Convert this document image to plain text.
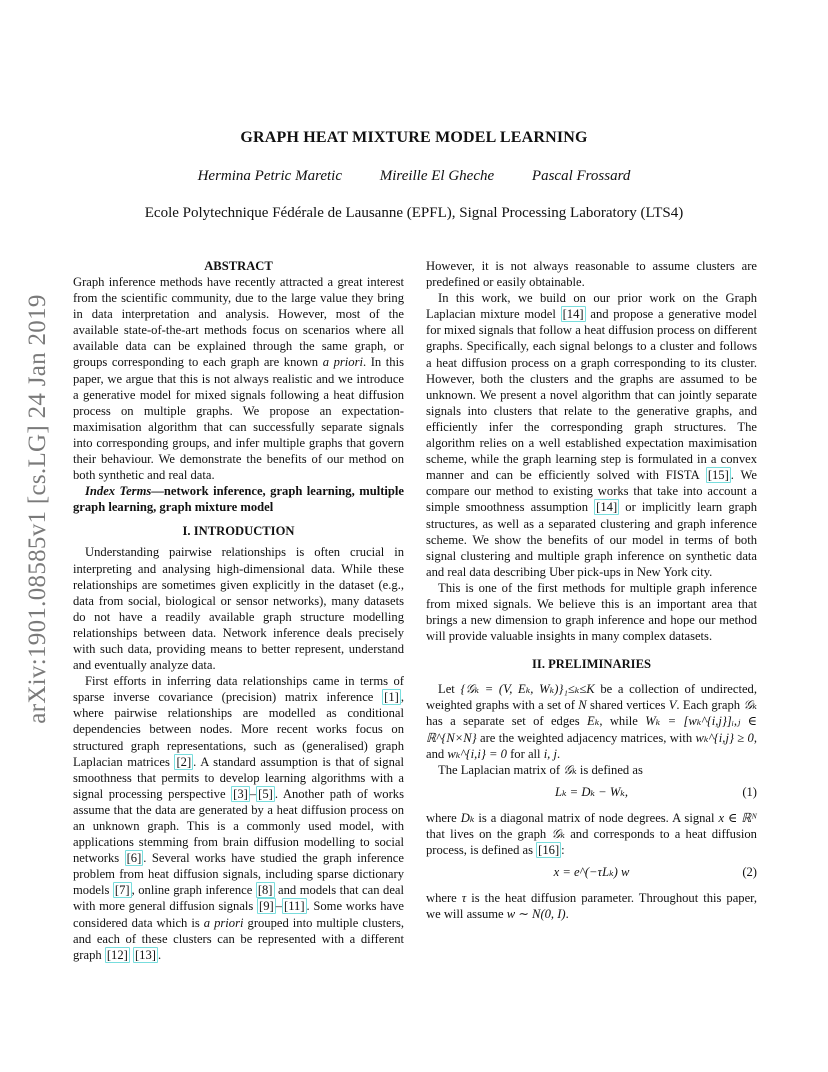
GRAPH HEAT MIXTURE MODEL LEARNING
Hermina Petric Maretic	Mireille El Gheche	Pascal Frossard
Ecole Polytechnique Fédérale de Lausanne (EPFL), Signal Processing Laboratory (LTS4)
arXiv:1901.08585v1 [cs.LG] 24 Jan 2019
ABSTRACT

Graph inference methods have recently attracted a great interest from the scientific community, due to the large value they bring in data interpretation and analysis. However, most of the available state-of-the-art methods focus on scenarios where all available data can be explained through the same graph, or groups corresponding to each graph are known a priori. In this paper, we argue that this is not always realistic and we introduce a generative model for mixed signals following a heat diffusion process on multiple graphs. We propose an expectation-maximisation algorithm that can successfully separate signals into corresponding groups, and infer multiple graphs that govern their behaviour. We demonstrate the benefits of our method on both synthetic and real data.

Index Terms—network inference, graph learning, multiple graph learning, graph mixture model

I. INTRODUCTION

Understanding pairwise relationships is often crucial in interpreting and analysing high-dimensional data. While these relationships are sometimes given explicitly in the dataset (e.g., data from social, biological or sensor networks), many datasets do not have a readily available graph structure modelling relationships between data. Network inference deals precisely with such data, providing means to better represent, understand and eventually analyze data.

First efforts in inferring data relationships came in terms of sparse inverse covariance (precision) matrix inference [1] , where pairwise relationships are modelled as conditional dependencies between nodes. More recent works focus on structured graph representations, such as (generalised) graph Laplacian matrices [2] . A standard assumption is that of signal smoothness that permits to develop learning algorithms with a signal processing perspective [3] – [5] . Another path of works assume that the data are generated by a heat diffusion process on an unknown graph. This is a commonly used model, with applications stemming from brain diffusion modelling to social networks [6] . Several works have studied the graph inference problem from heat diffusion signals, including sparse dictionary models [7] , online graph inference [8] and models that can deal with more general diffusion signals [9] – [11] . Some works have considered data which is a priori grouped into multiple clusters, and each of these clusters can be represented with a different graph [12] [13] .

However, it is not always reasonable to assume clusters are predefined or easily obtainable.

In this work, we build on our prior work on the Graph Laplacian mixture model [14] and propose a generative model for mixed signals that follow a heat diffusion process on different graphs. Specifically, each signal belongs to a cluster and follows a heat diffusion process on a graph corresponding to its cluster. However, both the clusters and the graphs are assumed to be unknown. We present a novel algorithm that can jointly separate signals into clusters that relate to the generative graphs, and efficiently infer the corresponding graph structures. The algorithm relies on a well established expectation maximisation scheme, while the graph learning step is formulated in a convex manner and can be efficiently solved with FISTA [15] . We compare our method to existing works that take into account a simple smoothness assumption [14] or implicitly learn graph structures, as well as a separated clustering and graph inference scheme. We show the benefits of our model in terms of both signal clustering and multiple graph inference on synthetic data and real data describing Uber pick-ups in New York city.

This is one of the first methods for multiple graph inference from mixed signals. We believe this is an important area that brings a new dimension to graph inference and hope our method will provide valuable insights in many complex datasets.

II. PRELIMINARIES

Let {𝒢ₖ = (V, Eₖ, Wₖ)}₁≤ₖ≤K be a collection of undirected, weighted graphs with a set of N shared vertices V. Each graph 𝒢ₖ has a separate set of edges Eₖ, while Wₖ = [wₖ^{i,j}]ᵢ,ⱼ ∈ ℝ^{N×N} are the weighted adjacency matrices, with wₖ^{i,j} ≥ 0, and wₖ^{i,i} = 0 for all i, j.

The Laplacian matrix of 𝒢ₖ is defined as

Lₖ = Dₖ − Wₖ,	(1)

where Dₖ is a diagonal matrix of node degrees. A signal x ∈ ℝᴺ that lives on the graph 𝒢ₖ and corresponds to a heat diffusion process, is defined as [16] :

x = e^(−τLₖ) w	(2)

where τ is the heat diffusion parameter. Throughout this paper, we will assume w ∼ N(0, I).
